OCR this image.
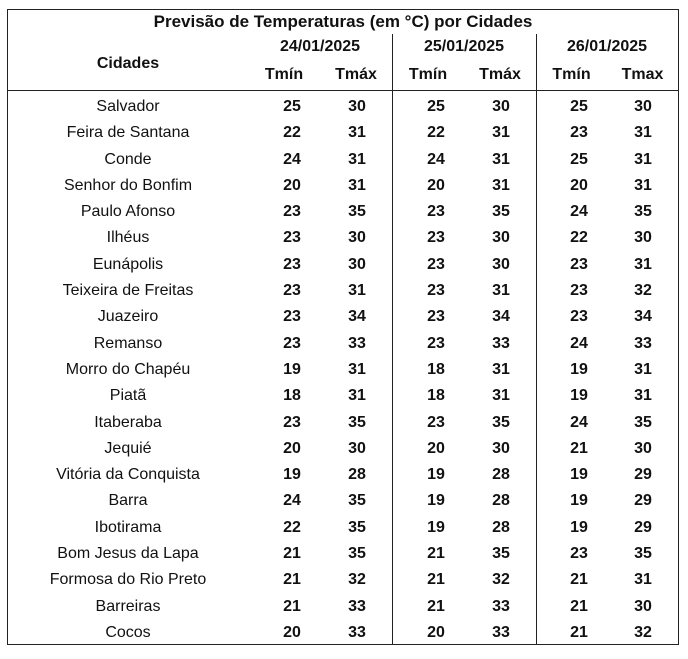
Previsão de Temperaturas (em °C) por Cidades
Cidades
24/01/2025
Tmín	Tmáx
25/01/2025
Tmín	Tmáx
26/01/2025
Tmín	Tmax
Salvador	25	30	25	30	25	30
Feira de Santana	22	31	22	31	23	31
Conde	24	31	24	31	25	31
Senhor do Bonfim	20	31	20	31	20	31
Paulo Afonso	23	35	23	35	24	35
Ilhéus	23	30	23	30	22	30
Eunápolis	23	30	23	30	23	31
Teixeira de Freitas	23	31	23	31	23	32
Juazeiro	23	34	23	34	23	34
Remanso	23	33	23	33	24	33
Morro do Chapéu	19	31	18	31	19	31
Piatã	18	31	18	31	19	31
Itaberaba	23	35	23	35	24	35
Jequié	20	30	20	30	21	30
Vitória da Conquista	19	28	19	28	19	29
Barra	24	35	19	28	19	29
Ibotirama	22	35	19	28	19	29
Bom Jesus da Lapa	21	35	21	35	23	35
Formosa do Rio Preto	21	32	21	32	21	31
Barreiras	21	33	21	33	21	30
Cocos	20	33	20	33	21	32
